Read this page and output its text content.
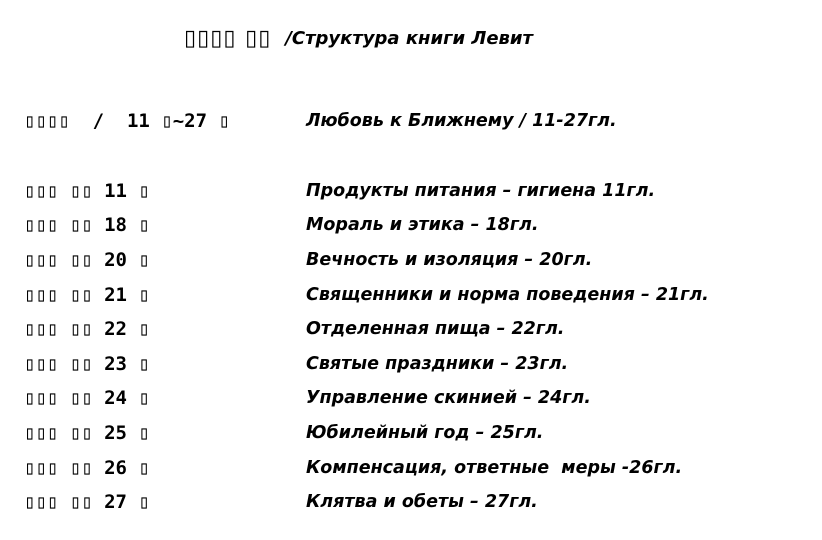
▯▯▯▯ ▯▯ /Структура книги Левит
▯▯▯▯  /  11 ▯~27 ▯
▯▯▯ ▯▯ 11 ▯
▯▯▯ ▯▯ 18 ▯
▯▯▯ ▯▯ 20 ▯
▯▯▯ ▯▯ 21 ▯
▯▯▯ ▯▯ 22 ▯
▯▯▯ ▯▯ 23 ▯
▯▯▯ ▯▯ 24 ▯
▯▯▯ ▯▯ 25 ▯
▯▯▯ ▯▯ 26 ▯
▯▯▯ ▯▯ 27 ▯
Любовь к Ближнему / 11-27гл.
Продукты питания – гигиена 11гл.
Мораль и этика – 18гл.
Вечность и изоляция – 20гл.
Священники и норма поведения – 21гл.
Отделенная пища – 22гл.
Святые праздники – 23гл.
Управление скинией – 24гл.
Юбилейный год – 25гл.
Компенсация, ответные  меры -26гл.
Клятва и обеты – 27гл.
